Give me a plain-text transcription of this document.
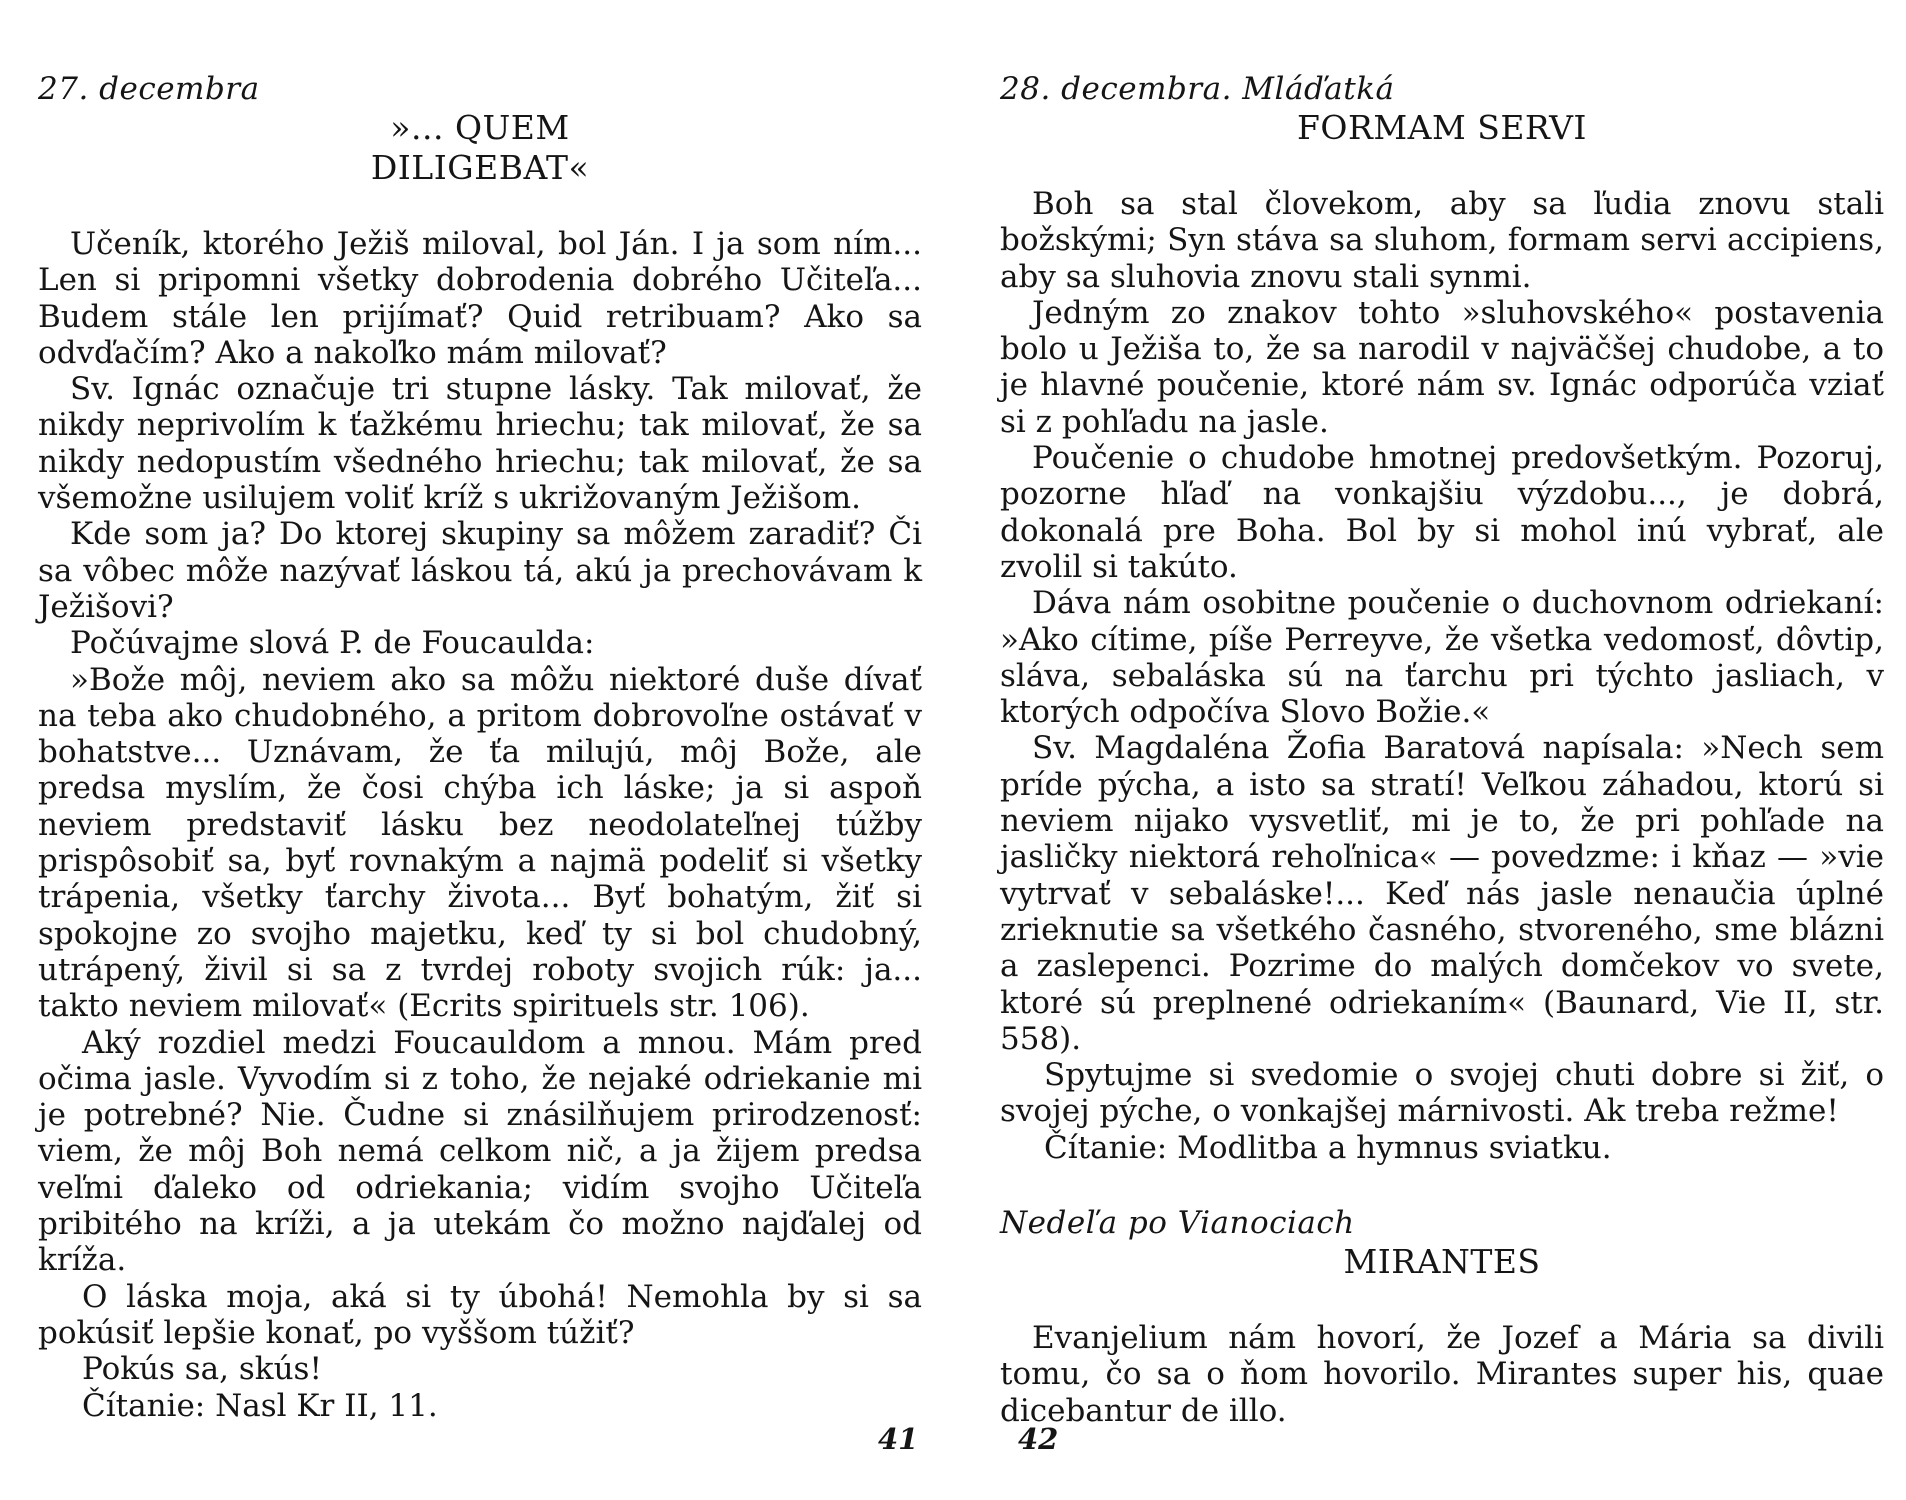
27. decembra

»... QUEM DILIGEBAT«

Učeník, ktorého Ježiš miloval, bol Ján. I ja som ním... Len si pripomni všetky dobrodenia dobrého Učiteľa... Budem stále len prijímať? Quid retribuam? Ako sa odvďačím? Ako a nakoľko mám milovať?

Sv. Ignác označuje tri stupne lásky. Tak milovať, že nikdy neprivolím k ťažkému hriechu; tak milovať, že sa nikdy nedopustím všedného hriechu; tak milovať, že sa všemožne usilujem voliť kríž s ukrižovaným Ježišom.

Kde som ja? Do ktorej skupiny sa môžem zaradiť? Či sa vôbec môže nazývať láskou tá, akú ja prechovávam k Ježišovi?

Počúvajme slová P. de Foucaulda:

»Bože môj, neviem ako sa môžu niektoré duše dívať na teba ako chudobného, a pritom dobrovoľne ostávať v bohatstve... Uznávam, že ťa milujú, môj Bože, ale predsa myslím, že čosi chýba ich láske; ja si aspoň neviem predstaviť lásku bez neodolateľnej túžby prispôsobiť sa, byť rovnakým a najmä podeliť si všetky trápenia, všetky ťarchy života... Byť bohatým, žiť si spokojne zo svojho majetku, keď ty si bol chudobný, utrápený, živil si sa z tvrdej roboty svojich rúk: ja... takto neviem milovať« (Ecrits spirituels str. 106).

Aký rozdiel medzi Foucauldom a mnou. Mám pred očima jasle. Vyvodím si z toho, že nejaké odriekanie mi je potrebné? Nie. Čudne si znásilňujem prirodzenosť: viem, že môj Boh nemá celkom nič, a ja žijem predsa veľmi ďaleko od odriekania; vidím svojho Učiteľa pribitého na kríži, a ja utekám čo možno najďalej od kríža.

O láska moja, aká si ty úbohá! Nemohla by si sa pokúsiť lepšie konať, po vyššom túžiť?

Pokús sa, skús!

Čítanie: Nasl Kr II, 11.

41

28. decembra. Mláďatká

FORMAM SERVI

Boh sa stal človekom, aby sa ľudia znovu stali božskými; Syn stáva sa sluhom, formam servi accipiens, aby sa sluhovia znovu stali synmi.

Jedným zo znakov tohto »sluhovského« postavenia bolo u Ježiša to, že sa narodil v najväčšej chudobe, a to je hlavné poučenie, ktoré nám sv. Ignác odporúča vziať si z pohľadu na jasle.

Poučenie o chudobe hmotnej predovšetkým. Pozoruj, pozorne hľaď na vonkajšiu výzdobu..., je dobrá, dokonalá pre Boha. Bol by si mohol inú vybrať, ale zvolil si takúto.

Dáva nám osobitne poučenie o duchovnom odriekaní: »Ako cítime, píše Perreyve, že všetka vedomosť, dôvtip, sláva, sebaláska sú na ťarchu pri týchto jasliach, v ktorých odpočíva Slovo Božie.«

Sv. Magdaléna Žofia Baratová napísala: »Nech sem príde pýcha, a isto sa stratí! Veľkou záhadou, ktorú si neviem nijako vysvetliť, mi je to, že pri pohľade na jasličky niektorá rehoľnica« — povedzme: i kňaz — »vie vytrvať v sebaláske!... Keď nás jasle nenaučia úplné zrieknutie sa všetkého časného, stvoreného, sme blázni a zaslepenci. Pozrime do malých domčekov vo svete, ktoré sú preplnené odriekaním« (Baunard, Vie II, str. 558).

Spytujme si svedomie o svojej chuti dobre si žiť, o svojej pýche, o vonkajšej márnivosti. Ak treba režme!

Čítanie: Modlitba a hymnus sviatku.

Nedeľa po Vianociach

MIRANTES

Evanjelium nám hovorí, že Jozef a Mária sa divili tomu, čo sa o ňom hovorilo. Mirantes super his, quae dicebantur de illo.

42
